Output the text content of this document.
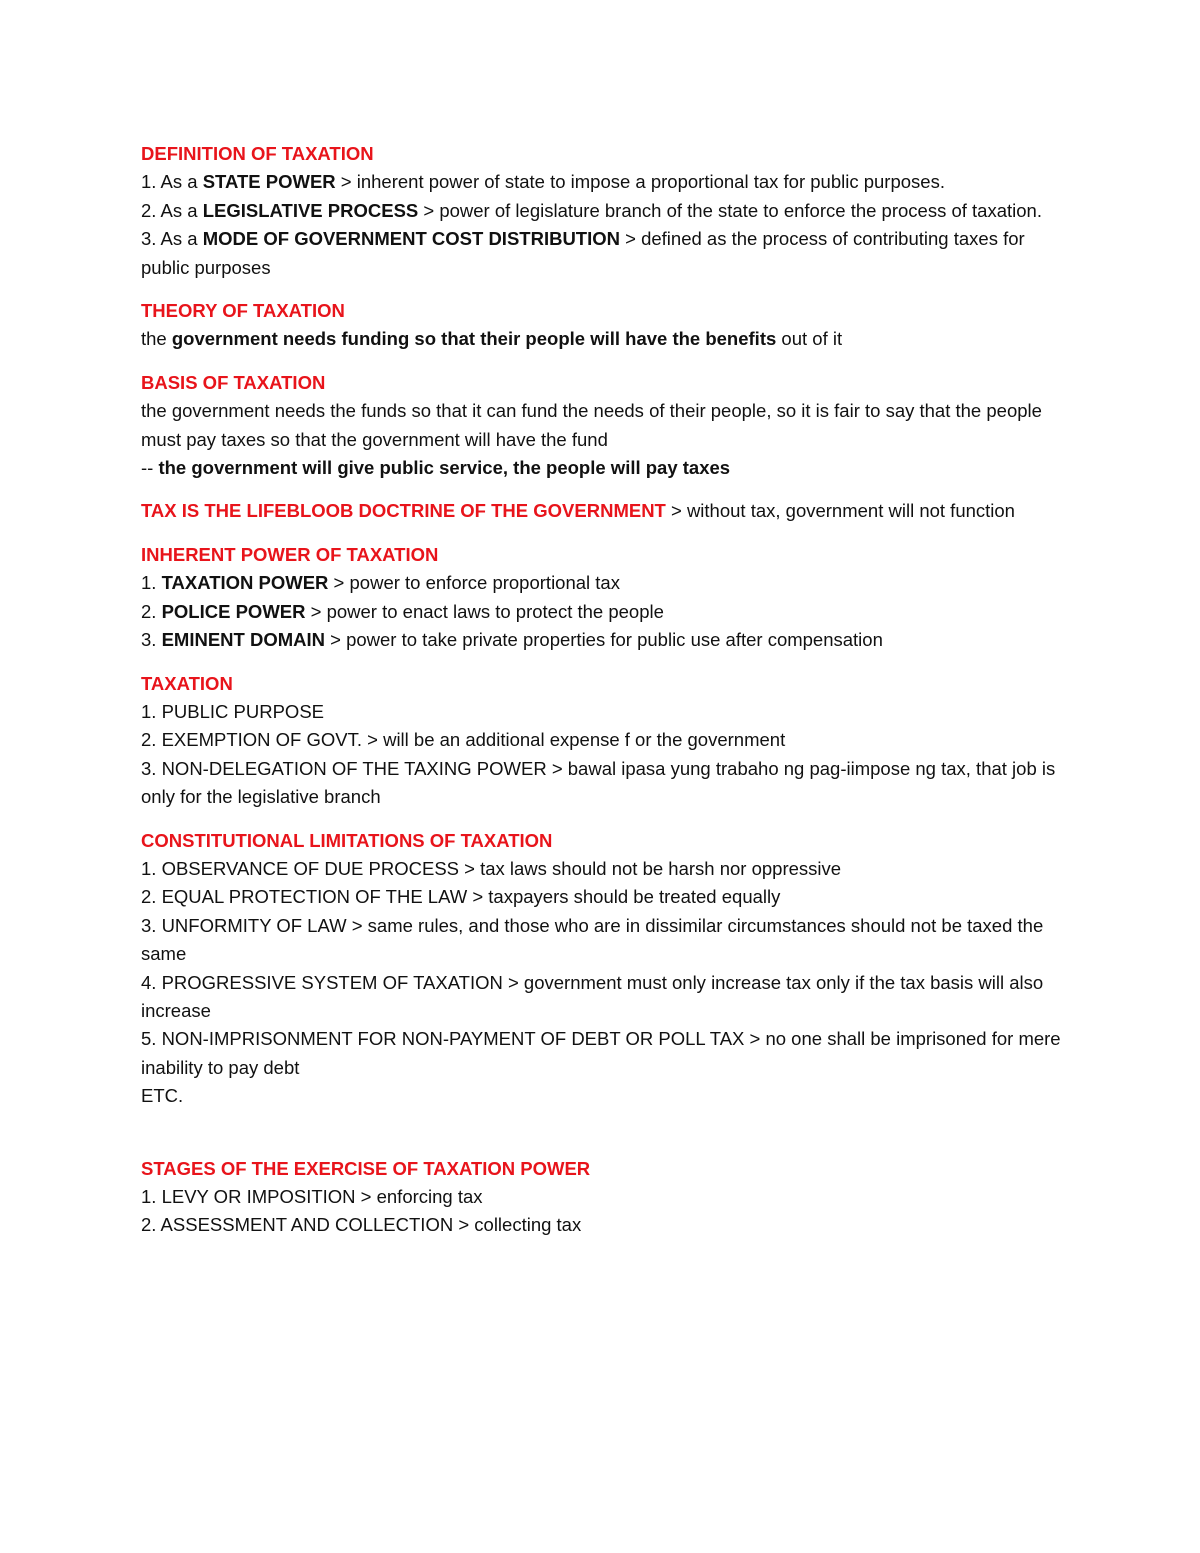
DEFINITION OF TAXATION
1. As a STATE POWER > inherent power of state to impose a proportional tax for public purposes.
2. As a LEGISLATIVE PROCESS > power of legislature branch of the state to enforce the process of taxation.
3. As a MODE OF GOVERNMENT COST DISTRIBUTION > defined as the process of contributing taxes for public purposes
THEORY OF TAXATION
the government needs funding so that their people will have the benefits out of it
BASIS OF TAXATION
the government needs the funds so that it can fund the needs of their people, so it is fair to say that the people must pay taxes so that the government will have the fund
-- the government will give public service, the people will pay taxes
TAX IS THE LIFEBLOOB DOCTRINE OF THE GOVERNMENT > without tax, government will not function
INHERENT POWER OF TAXATION
1. TAXATION POWER > power to enforce proportional tax
2. POLICE POWER > power to enact laws to protect the people
3. EMINENT DOMAIN > power to take private properties for public use after compensation
TAXATION
1. PUBLIC PURPOSE
2. EXEMPTION OF GOVT. > will be an additional expense f or the government
3. NON-DELEGATION OF THE TAXING POWER > bawal ipasa yung trabaho ng pag-iimpose ng tax, that job is only for the legislative branch
CONSTITUTIONAL LIMITATIONS OF TAXATION
1. OBSERVANCE OF DUE PROCESS > tax laws should not be harsh nor oppressive
2. EQUAL PROTECTION OF THE LAW > taxpayers should be treated equally
3. UNFORMITY OF LAW > same rules, and those who are in dissimilar circumstances should not be taxed the same
4. PROGRESSIVE SYSTEM OF TAXATION > government must only increase tax only if the tax basis will also increase
5. NON-IMPRISONMENT FOR NON-PAYMENT OF DEBT OR POLL TAX > no one shall be imprisoned for mere inability to pay debt
ETC.
STAGES OF THE EXERCISE OF TAXATION POWER
1. LEVY OR IMPOSITION > enforcing tax
2. ASSESSMENT AND COLLECTION > collecting tax
